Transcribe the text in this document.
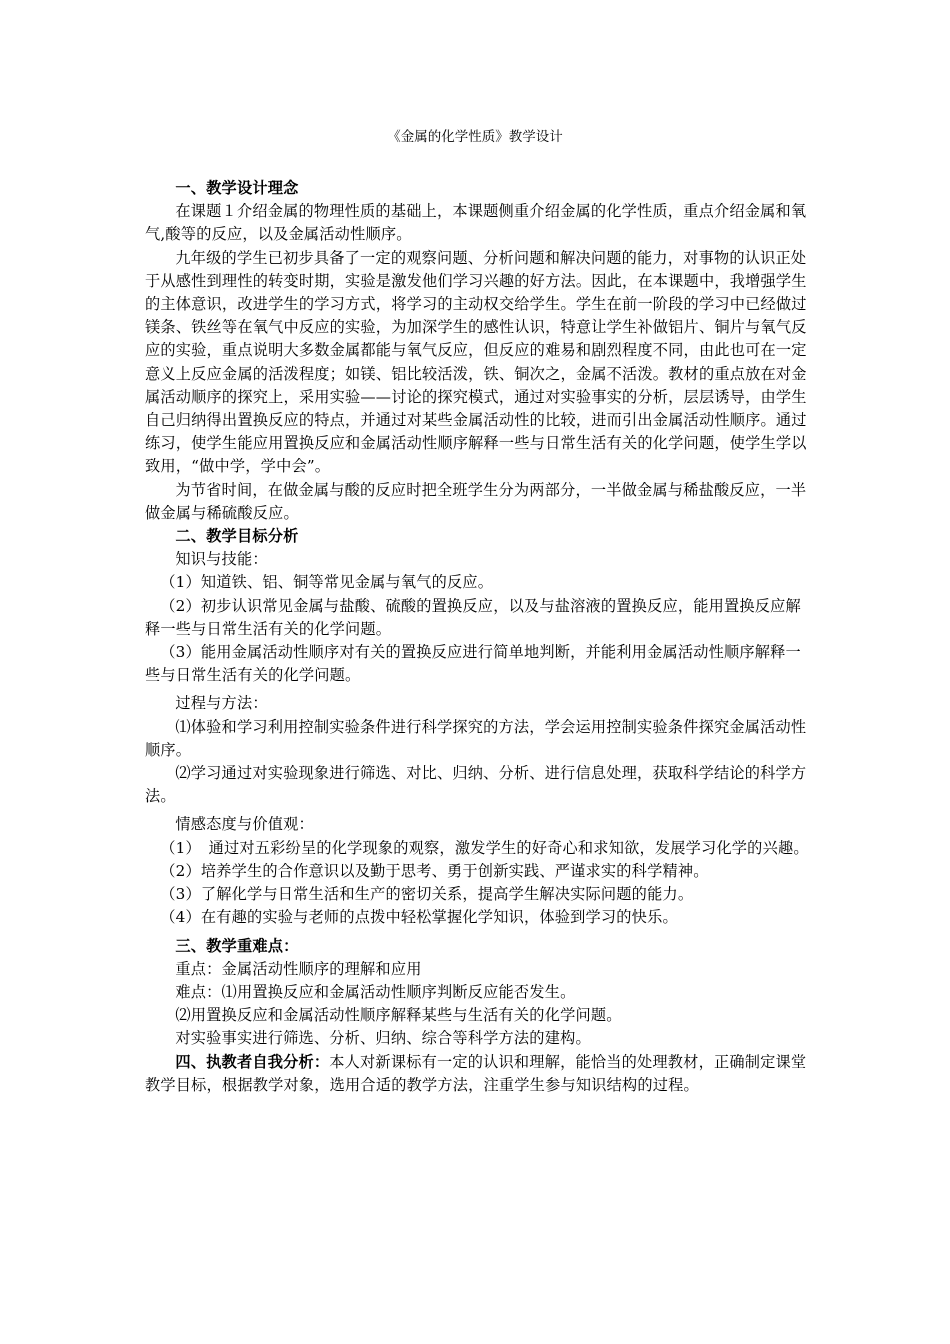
《金属的化学性质》教学设计

一、教学设计理念

在课题１介绍金属的物理性质的基础上，本课题侧重介绍金属的化学性质，重点介绍金属和氧气,酸等的反应，以及金属活动性顺序。

九年级的学生已初步具备了一定的观察问题、分析问题和解决问题的能力，对事物的认识正处于从感性到理性的转变时期，实验是激发他们学习兴趣的好方法。因此，在本课题中，我增强学生的主体意识，改进学生的学习方式，将学习的主动权交给学生。学生在前一阶段的学习中已经做过镁条、铁丝等在氧气中反应的实验，为加深学生的感性认识，特意让学生补做铝片、铜片与氧气反应的实验，重点说明大多数金属都能与氧气反应，但反应的难易和剧烈程度不同，由此也可在一定意义上反应金属的活泼程度；如镁、铝比较活泼，铁、铜次之，金属不活泼。教材的重点放在对金属活动顺序的探究上，采用实验——讨论的探究模式，通过对实验事实的分析，层层诱导，由学生自己归纳得出置换反应的特点，并通过对某些金属活动性的比较，进而引出金属活动性顺序。通过练习，使学生能应用置换反应和金属活动性顺序解释一些与日常生活有关的化学问题，使学生学以致用，“做中学，学中会”。

为节省时间，在做金属与酸的反应时把全班学生分为两部分，一半做金属与稀盐酸反应，一半做金属与稀硫酸反应。

二、教学目标分析

知识与技能：

（1）知道铁、铝、铜等常见金属与氧气的反应。

（2）初步认识常见金属与盐酸、硫酸的置换反应，以及与盐溶液的置换反应，能用置换反应解释一些与日常生活有关的化学问题。

（3）能用金属活动性顺序对有关的置换反应进行简单地判断，并能利用金属活动性顺序解释一些与日常生活有关的化学问题。

过程与方法：

⑴体验和学习利用控制实验条件进行科学探究的方法，学会运用控制实验条件探究金属活动性顺序。

⑵学习通过对实验现象进行筛选、对比、归纳、分析、进行信息处理，获取科学结论的科学方法。

情感态度与价值观：

（1）　通过对五彩纷呈的化学现象的观察，激发学生的好奇心和求知欲，发展学习化学的兴趣。

（2）培养学生的合作意识以及勤于思考、勇于创新实践、严谨求实的科学精神。

（3）了解化学与日常生活和生产的密切关系，提高学生解决实际问题的能力。

（4）在有趣的实验与老师的点拨中轻松掌握化学知识，体验到学习的快乐。

三、教学重难点：

重点：金属活动性顺序的理解和应用

难点：⑴用置换反应和金属活动性顺序判断反应能否发生。

⑵用置换反应和金属活动性顺序解释某些与生活有关的化学问题。

对实验事实进行筛选、分析、归纳、综合等科学方法的建构。

四、执教者自我分析：本人对新课标有一定的认识和理解，能恰当的处理教材，正确制定课堂教学目标，根据教学对象，选用合适的教学方法，注重学生参与知识结构的过程。
